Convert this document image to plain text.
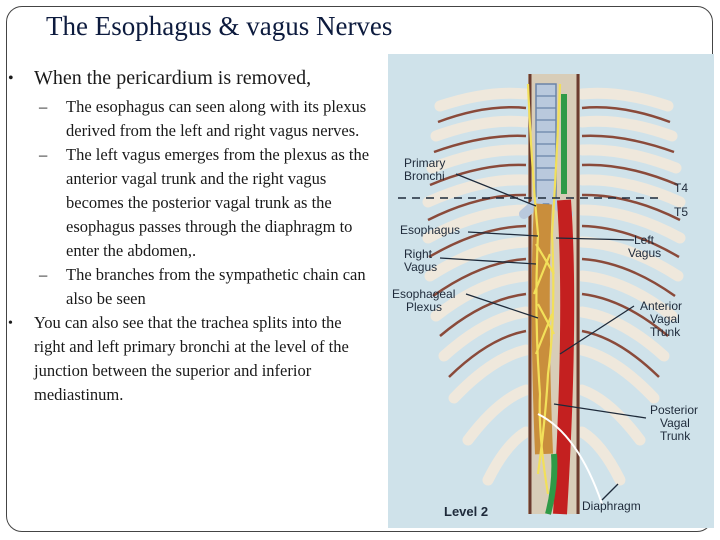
The Esophagus & vagus Nerves
• When the pericardium is removed,
– The esophagus can seen along with its plexus derived from the left and right vagus nerves.
– The left vagus emerges from the plexus as the anterior vagal trunk and the right vagus becomes the posterior vagal trunk as the esophagus passes through the diaphragm to enter the abdomen,.
– The branches from the sympathetic chain can also be seen
• You can also see that the trachea splits into the right and left primary bronchi at the level of the junction between the superior and inferior mediastinum.
Primary
Bronchi
Esophagus
Right
Vagus
Esophageal
Plexus
T4
T5
Left
Vagus
Anterior
Vagal
Trunk
Posterior
Vagal
Trunk
Level 2	Diaphragm
